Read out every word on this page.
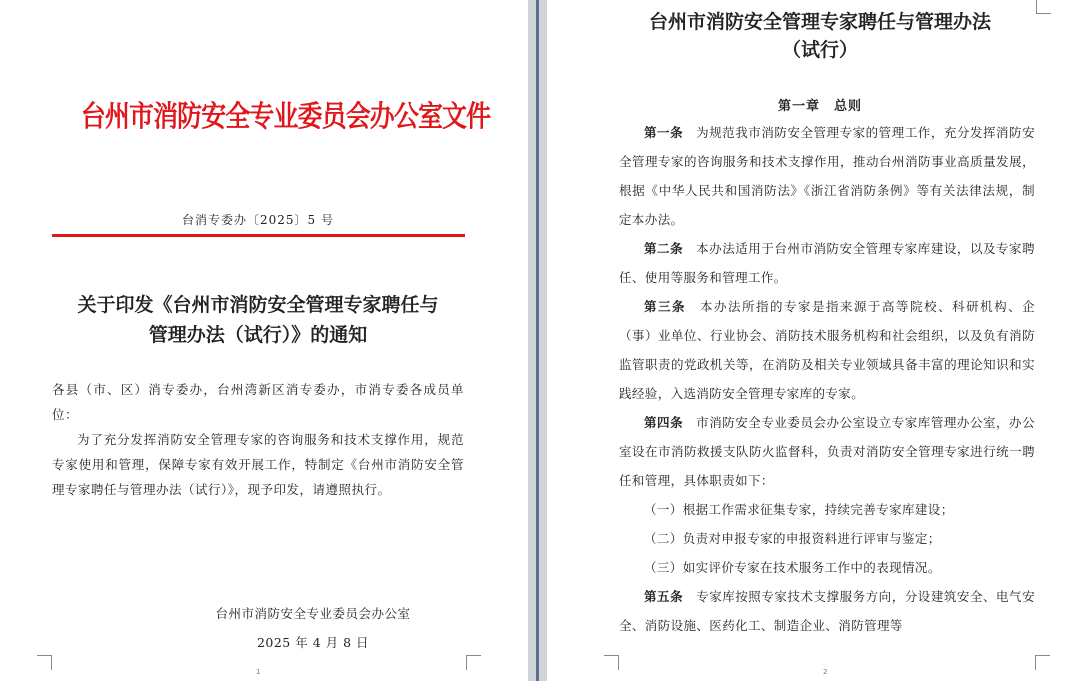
1	2
台州市消防安全专业委员会办公室文件
台消专委办〔2025〕5 号
关于印发《台州市消防安全管理专家聘任与
管理办法（试行）》的通知

各县（市、区）消专委办，台州湾新区消专委办，市消专委各成员单位：

为了充分发挥消防安全管理专家的咨询服务和技术支撑作用，规范专家使用和管理，保障专家有效开展工作，特制定《台州市消防安全管理专家聘任与管理办法（试行）》，现予印发，请遵照执行。

台州市消防安全专业委员会办公室
2025 年 4 月 8 日
台州市消防安全管理专家聘任与管理办法
（试行）
第一章　总则

第一条　为规范我市消防安全管理专家的管理工作，充分发挥消防安全管理专家的咨询服务和技术支撑作用，推动台州消防事业高质量发展，根据《中华人民共和国消防法》《浙江省消防条例》等有关法律法规，制定本办法。

第二条　本办法适用于台州市消防安全管理专家库建设，以及专家聘任、使用等服务和管理工作。

第三条　本办法所指的专家是指来源于高等院校、科研机构、企（事）业单位、行业协会、消防技术服务机构和社会组织，以及负有消防监管职责的党政机关等，在消防及相关专业领域具备丰富的理论知识和实践经验，入选消防安全管理专家库的专家。

第四条　市消防安全专业委员会办公室设立专家库管理办公室，办公室设在市消防救援支队防火监督科，负责对消防安全管理专家进行统一聘任和管理，具体职责如下：

（一）根据工作需求征集专家，持续完善专家库建设；

（二）负责对申报专家的申报资料进行评审与鉴定；

（三）如实评价专家在技术服务工作中的表现情况。

第五条　专家库按照专家技术支撑服务方向，分设建筑安全、电气安全、消防设施、医药化工、制造企业、消防管理等
